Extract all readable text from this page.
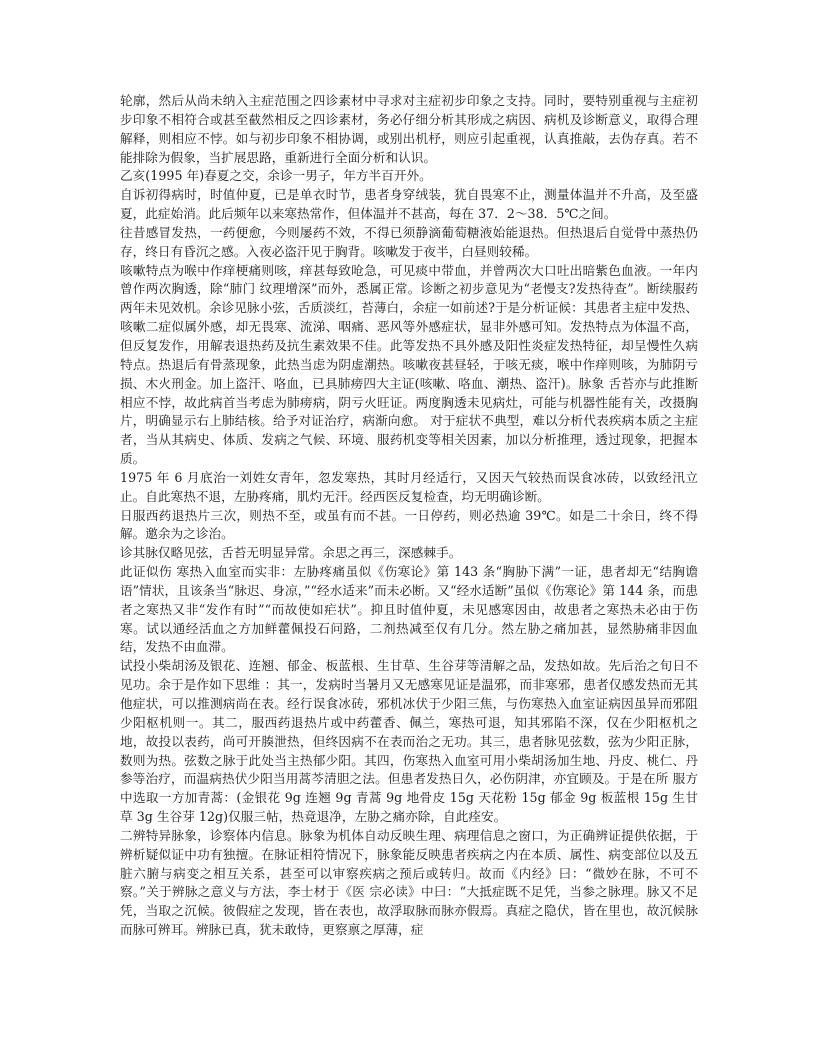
轮廓，然后从尚未纳入主症范围之四诊素材中寻求对主症初步印象之支持。同时，要特别重视与主症初步印象不相符合或甚至截然相反之四诊素材，务必仔细分析其形成之病因、病机及诊断意义，取得合理解释，则相应不悖。如与初步印象不相协调，或别出机杼，则应引起重视，认真推敲，去伪存真。若不能排除为假象，当扩展思路，重新进行全面分析和认识。

乙亥(1995 年)春夏之交，余诊一男子，年方半百开外。

自诉初得病时，时值仲夏，已是单衣时节，患者身穿绒装，犹自畏寒不止，测量体温并不升高，及至盛夏，此症始消。此后频年以来寒热常作，但体温并不甚高，每在 37．2～38．5℃之间。

往昔感冒发热，一药便愈，今则屡药不效，不得已须静滴葡萄糖液始能退热。但热退后自觉骨中蒸热仍存，终日有昏沉之感。入夜必盗汗见于胸背。咳嗽发于夜半，白昼则较稀。

咳嗽特点为喉中作痒梗痛则咳，痒甚每致呛急，可见痰中带血，并曾两次大口吐出暗紫色血液。一年内曾作两次胸透，除“肺门 纹理增深”而外，悉属正常。诊断之初步意见为“老慢支?发热待查”。断续服药两年未见效机。余诊见脉小弦，舌质淡红，苔薄白，余症一如前述?于是分析证候：其患者主症中发热、咳嗽二症似属外感，却无畏寒、流涕、咽痛、恶风等外感症状，显非外感可知。发热特点为体温不高，但反复发作，用解表退热药及抗生素效果不佳。此等发热不具外感及阳性炎症发热特征，却呈慢性久病特点。热退后有骨蒸现象，此热当虑为阴虚潮热。咳嗽夜甚昼轻，于咳无痰，喉中作痒则咳，为肺阴亏损、木火刑金。加上盗汗、咯血，已具肺痨四大主证(咳嗽、咯血、潮热、盗汗)。脉象 舌苔亦与此推断相应不悖，故此病首当考虑为肺痨病，阴亏火旺证。两度胸透未见病灶，可能与机器性能有关，改摄胸片，明确显示右上肺结核。给予对证治疗，病渐向愈。 对于症状不典型，难以分析代表疾病本质之主症者，当从其病史、体质、发病之气候、环境、服药机变等相关因素，加以分析推理，透过现象，把握本质。

1975 年 6 月底治一刘姓女青年，忽发寒热，其时月经适行，又因天气较热而误食冰砖，以致经汛立止。自此寒热不退，左胁疼痛，肌灼无汗。经西医反复检查，均无明确诊断。

日服西药退热片三次，则热不至，或虽有而不甚。一日停药，则必热逾 39℃。如是二十余日，终不得解。邀余为之诊治。

诊其脉仅略见弦，舌苔无明显异常。余思之再三，深感棘手。

此证似伤 寒热入血室而实非：左胁疼痛虽似《伤寒论》第 143 条“胸胁下满”一证，患者却无“结胸谵语”情状，且该条当“脉迟、身凉，”“经水适来”而未必断。又“经水适断”虽似《伤寒论》第 144 条，而患者之寒热又非“发作有时”“而故使如疟状”。抑且时值仲夏，未见感寒因由，故患者之寒热未必由于伤寒。试以通经活血之方加鲜藿佩投石问路，二剂热减至仅有几分。然左胁之痛加甚，显然胁痛非因血结，发热不由血滞。

试投小柴胡汤及银花、连翘、郁金、板蓝根、生甘草、生谷芽等清解之品，发热如故。先后治之旬日不见功。余于是作如下思维 ：其一，发病时当暑月又无感寒见证是温邪，而非寒邪，患者仅感发热而无其他症状，可以推测病尚在表。经行误食冰砖，邪机冰伏于少阳三焦，与伤寒热入血室证病因虽异而邪阻少阳枢机则一。其二，服西药退热片或中药藿香、佩兰，寒热可退，知其邪陷不深，仅在少阳枢机之地，故投以表药，尚可开腠泄热，但终因病不在表而治之无功。其三，患者脉见弦数，弦为少阳正脉，数则为热。弦数之脉于此处当主热郁少阳。其四，伤寒热入血室可用小柴胡汤加生地、丹皮、桃仁、丹参等治疗，而温病热伏少阳当用蒿芩清胆之法。但患者发热日久，必伤阴津，亦宜顾及。于是在所 服方中选取一方加青蒿：(金银花 9g 连翘 9g 青蒿 9g 地骨皮 15g 天花粉 15g 郁金 9g 板蓝根 15g 生甘草 3g 生谷芽 12g)仅服三帖，热竟退净，左胁之痛亦除，自此痊安。

二辨特异脉象，诊察体内信息。脉象为机体自动反映生理、病理信息之窗口，为正确辨证提供依据，于辨析疑似证中功有独擅。在脉证相符情况下，脉象能反映患者疾病之内在本质、属性、病变部位以及五脏六腑与病变之相互关系，甚至可以审察疾病之预后或转归。故而《内经》曰：“微妙在脉，不可不察。”关于辨脉之意义与方法，李士材于《医 宗必读》中曰：“大抵症既不足凭，当参之脉理。脉又不足凭，当取之沉候。彼假症之发现，皆在表也，故浮取脉而脉亦假焉。真症之隐伏，皆在里也，故沉候脉而脉可辨耳。辨脉已真，犹未敢恃，更察禀之厚薄，症
